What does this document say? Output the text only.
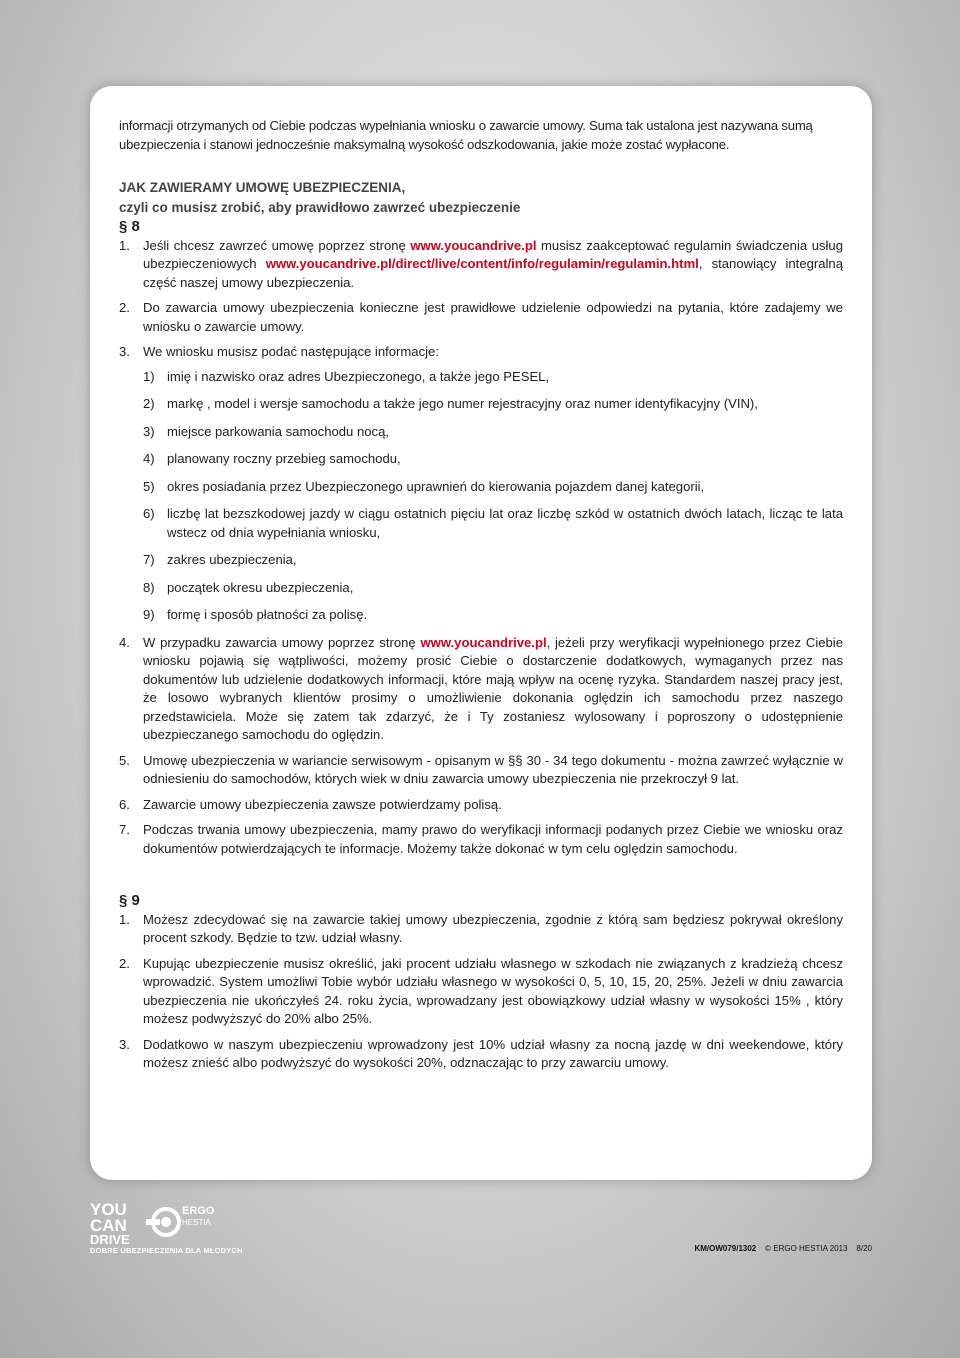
informacji otrzymanych od Ciebie podczas wypełniania wniosku o zawarcie umowy. Suma tak ustalona jest nazywana sumą ubezpieczenia i stanowi jednocześnie maksymalną wysokość odszkodowania, jakie może zostać wypłacone.

JAK ZAWIERAMY UMOWĘ UBEZPIECZENIA,

czyli co musisz zrobić, aby prawidłowo zawrzeć ubezpieczenie

§ 8

1. Jeśli chcesz zawrzeć umowę poprzez stronę www.youcandrive.pl musisz zaakceptować regulamin świadczenia usług ubezpieczeniowych www.youcandrive.pl/direct/live/content/info/regulamin/regulamin.html, stanowiący integralną część naszej umowy ubezpieczenia.
2. Do zawarcia umowy ubezpieczenia konieczne jest prawidłowe udzielenie odpowiedzi na pytania, które zadajemy we wniosku o zawarcie umowy.
3. We wniosku musisz podać następujące informacje:
1) imię i nazwisko oraz adres Ubezpieczonego, a także jego PESEL,
2) markę , model i wersje samochodu a także jego numer rejestracyjny oraz numer identyfikacyjny (VIN),
3) miejsce parkowania samochodu nocą,
4) planowany roczny przebieg samochodu,
5) okres posiadania przez Ubezpieczonego uprawnień do kierowania pojazdem danej kategorii,
6) liczbę lat bezszkodowej jazdy w ciągu ostatnich pięciu lat oraz liczbę szkód w ostatnich dwóch latach, licząc te lata wstecz od dnia wypełniania wniosku,
7) zakres ubezpieczenia,
8) początek okresu ubezpieczenia,
9) formę i sposób płatności za polisę.
4. W przypadku zawarcia umowy poprzez stronę www.youcandrive.pl, jeżeli przy weryfikacji wypełnionego przez Ciebie wniosku pojawią się wątpliwości, możemy prosić Ciebie o dostarczenie dodatkowych, wymaganych przez nas dokumentów lub udzielenie dodatkowych informacji, które mają wpływ na ocenę ryzyka. Standardem naszej pracy jest, że losowo wybranych klientów prosimy o umożliwienie dokonania oględzin ich samochodu przez naszego przedstawiciela. Może się zatem tak zdarzyć, że i Ty zostaniesz wylosowany i poproszony o udostępnienie ubezpieczanego samochodu do oględzin.
5. Umowę ubezpieczenia w wariancie serwisowym - opisanym w §§ 30 - 34 tego dokumentu - można zawrzeć wyłącznie w odniesieniu do samochodów, których wiek w dniu zawarcia umowy ubezpieczenia nie przekroczył 9 lat.
6. Zawarcie umowy ubezpieczenia zawsze potwierdzamy polisą.
7. Podczas trwania umowy ubezpieczenia, mamy prawo do weryfikacji informacji podanych przez Ciebie we wniosku oraz dokumentów potwierdzających te informacje. Możemy także dokonać w tym celu oględzin samochodu.

§ 9

1. Możesz zdecydować się na zawarcie takiej umowy ubezpieczenia, zgodnie z którą sam będziesz pokrywał określony procent szkody. Będzie to tzw. udział własny.
2. Kupując ubezpieczenie musisz określić, jaki procent udziału własnego w szkodach nie związanych z kradzieżą chcesz wprowadzić. System umożliwi Tobie wybór udziału własnego w wysokości 0, 5, 10, 15, 20, 25%. Jeżeli w dniu zawarcia ubezpieczenia nie ukończyłeś 24. roku życia, wprowadzany jest obowiązkowy udział własny w wysokości 15% , który możesz podwyższyć do 20% albo 25%.
3. Dodatkowo w naszym ubezpieczeniu wprowadzony jest 10% udział własny za nocną jazdę w dni weekendowe, który możesz znieść albo podwyższyć do wysokości 20%, odznaczając to przy zawarciu umowy.
YOU
CAN
DRIVE
ERGO
HESTIA
DOBRE UBEZPIECZENIA DLA MŁODYCH	KM/OW079/1302 © ERGO HESTIA 2013 8/20
